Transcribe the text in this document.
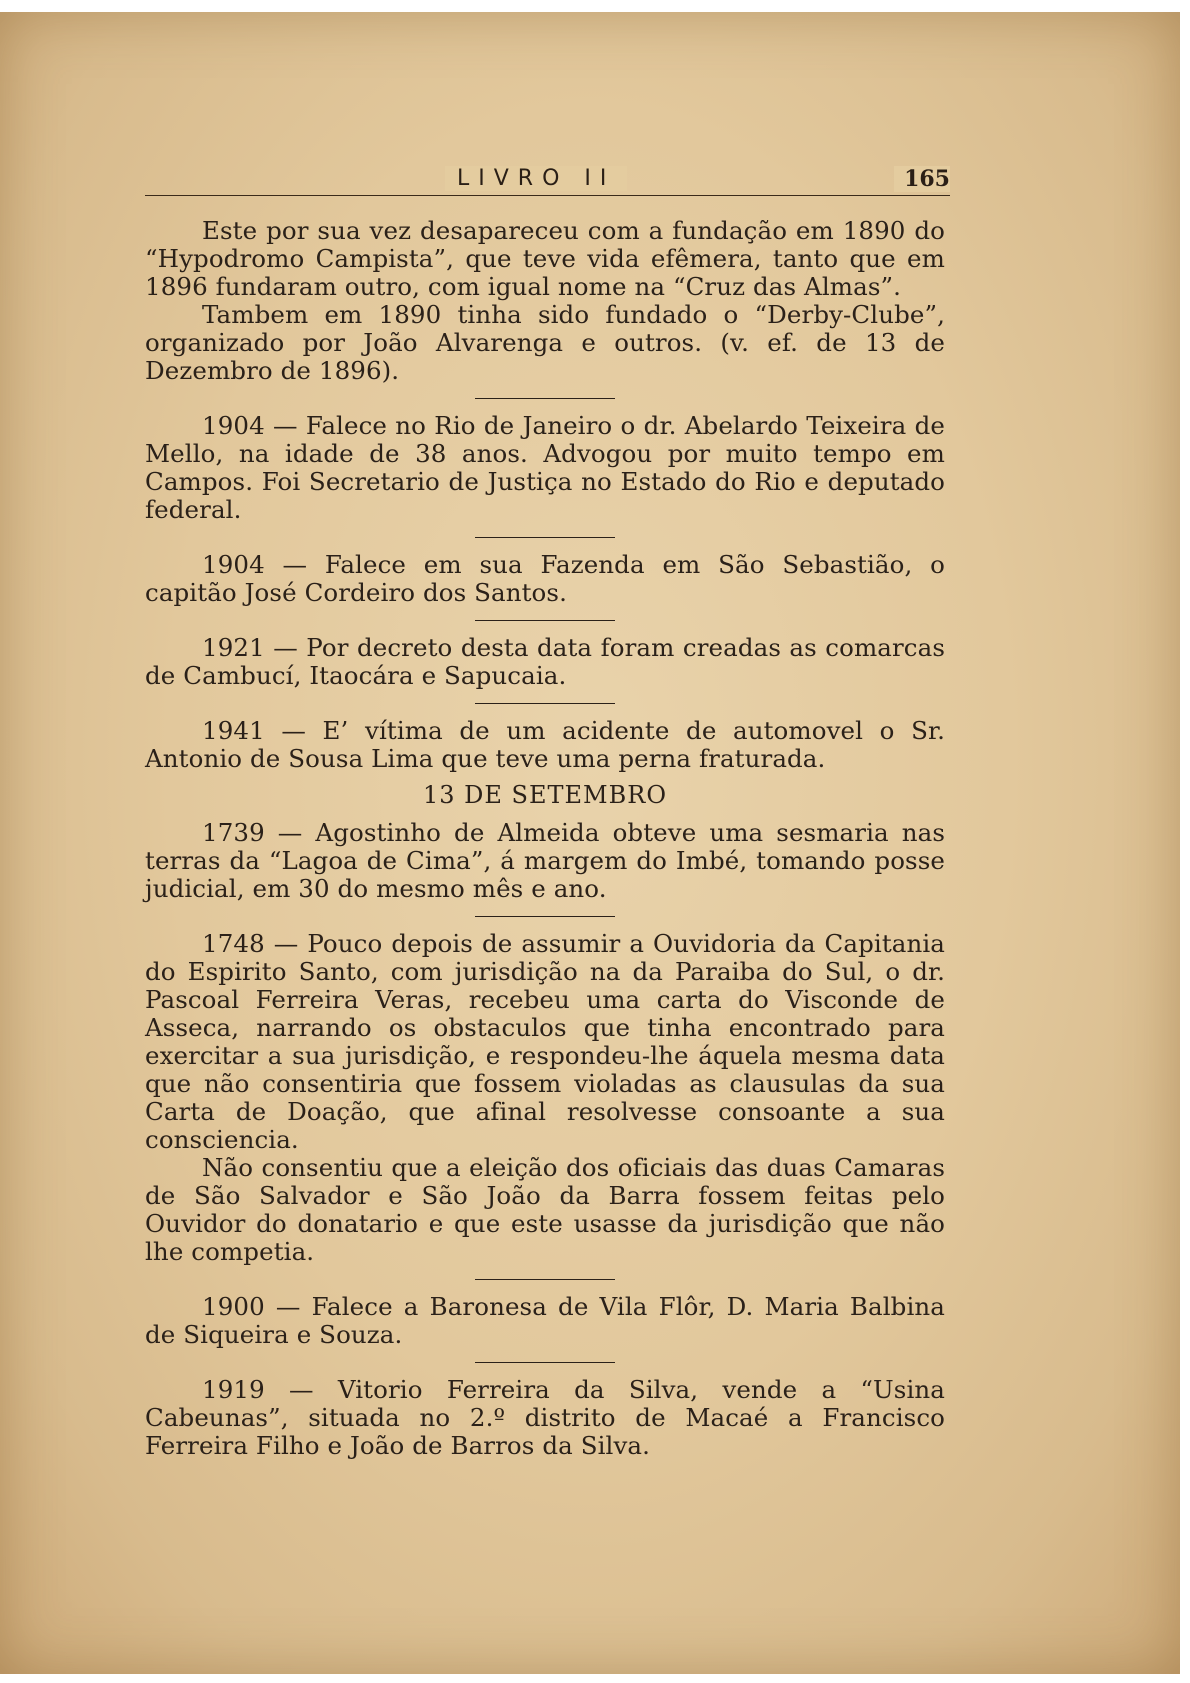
LIVRO II	165

Este por sua vez desapareceu com a fundação em 1890 do “Hypodromo Campista”, que teve vida efêmera, tanto que em 1896 fundaram outro, com igual nome na “Cruz das Almas”.

Tambem em 1890 tinha sido fundado o “Derby-Clube”, organizado por João Alvarenga e outros. (v. ef. de 13 de Dezembro de 1896).

1904 — Falece no Rio de Janeiro o dr. Abelardo Teixeira de Mello, na idade de 38 anos. Advogou por muito tempo em Campos. Foi Secretario de Justiça no Estado do Rio e deputado federal.

1904 — Falece em sua Fazenda em São Sebastião, o capitão José Cordeiro dos Santos.

1921 — Por decreto desta data foram creadas as comarcas de Cambucí, Itaocára e Sapucaia.

1941 — E’ vítima de um acidente de automovel o Sr. Antonio de Sousa Lima que teve uma perna fraturada.

13 DE SETEMBRO

1739 — Agostinho de Almeida obteve uma sesmaria nas terras da “Lagoa de Cima”, á margem do Imbé, tomando posse judicial, em 30 do mesmo mês e ano.

1748 — Pouco depois de assumir a Ouvidoria da Capitania do Espirito Santo, com jurisdição na da Paraiba do Sul, o dr. Pascoal Ferreira Veras, recebeu uma carta do Visconde de Asseca, narrando os obstaculos que tinha encontrado para exercitar a sua jurisdição, e respondeu-lhe áquela mesma data que não consentiria que fossem violadas as clausulas da sua Carta de Doação, que afinal resolvesse consoante a sua consciencia.

Não consentiu que a eleição dos oficiais das duas Camaras de São Salvador e São João da Barra fossem feitas pelo Ouvidor do donatario e que este usasse da jurisdição que não lhe competia.

1900 — Falece a Baronesa de Vila Flôr, D. Maria Balbina de Siqueira e Souza.

1919 — Vitorio Ferreira da Silva, vende a “Usina Cabeunas”, situada no 2.º distrito de Macaé a Francisco Ferreira Filho e João de Barros da Silva.
